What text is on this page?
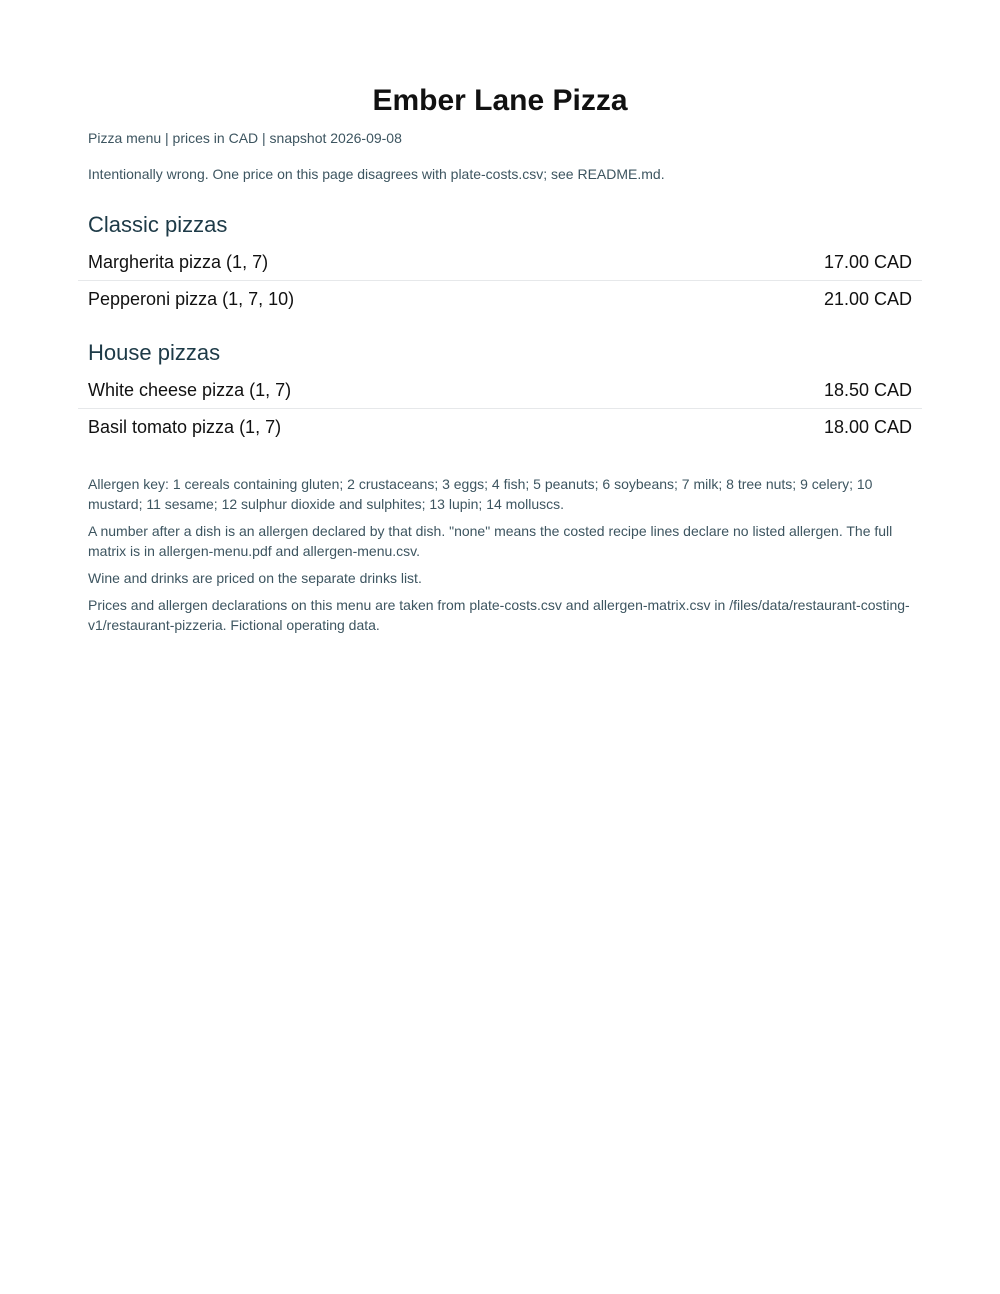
Ember Lane Pizza

Pizza menu | prices in CAD | snapshot 2026-09-08

Intentionally wrong. One price on this page disagrees with plate-costs.csv; see README.md.

Classic pizzas
Margherita pizza (1, 7)	17.00 CAD
Pepperoni pizza (1, 7, 10)	21.00 CAD
House pizzas
White cheese pizza (1, 7)	18.50 CAD
Basil tomato pizza (1, 7)	18.00 CAD

Allergen key: 1 cereals containing gluten; 2 crustaceans; 3 eggs; 4 fish; 5 peanuts; 6 soybeans; 7 milk; 8 tree nuts; 9 celery; 10 mustard; 11 sesame; 12 sulphur dioxide and sulphites; 13 lupin; 14 molluscs.

A number after a dish is an allergen declared by that dish. "none" means the costed recipe lines declare no listed allergen. The full matrix is in allergen-menu.pdf and allergen-menu.csv.

Wine and drinks are priced on the separate drinks list.

Prices and allergen declarations on this menu are taken from plate-costs.csv and allergen-matrix.csv in /files/data/restaurant-costing-v1/restaurant-pizzeria. Fictional operating data.
